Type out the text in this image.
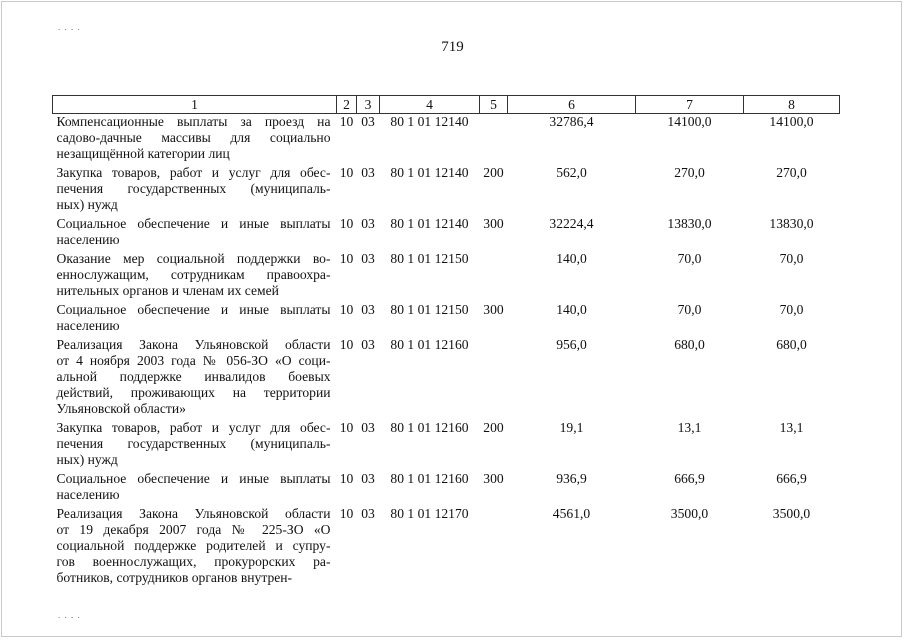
. . . .
719
1	2	3	4	5	6	7	8

Компенсационные выплаты за проезд на
садово-дачные массивы для социально
незащищённой категории лиц	10	03	80 1 01 12140		32786,4	14100,0	14100,0

Закупка товаров, работ и услуг для обес-
печения государственных (муниципаль-
ных) нужд	10	03	80 1 01 12140	200	562,0	270,0	270,0

Социальное обеспечение и иные выплаты
населению	10	03	80 1 01 12140	300	32224,4	13830,0	13830,0

Оказание мер социальной поддержки во-
еннослужащим, сотрудникам правоохра-
нительных органов и членам их семей	10	03	80 1 01 12150		140,0	70,0	70,0

Социальное обеспечение и иные выплаты
населению	10	03	80 1 01 12150	300	140,0	70,0	70,0

Реализация Закона Ульяновской области
от 4 ноября 2003 года № 056-ЗО «О соци-
альной поддержке инвалидов боевых
действий, проживающих на территории
Ульяновской области»	10	03	80 1 01 12160		956,0	680,0	680,0

Закупка товаров, работ и услуг для обес-
печения государственных (муниципаль-
ных) нужд	10	03	80 1 01 12160	200	19,1	13,1	13,1

Социальное обеспечение и иные выплаты
населению	10	03	80 1 01 12160	300	936,9	666,9	666,9

Реализация Закона Ульяновской области
от 19 декабря 2007 года № 225-ЗО «О
социальной поддержке родителей и супру-
гов военнослужащих, прокурорских ра-
ботников, сотрудников органов внутрен-	10	03	80 1 01 12170		4561,0	3500,0	3500,0
. . . .
